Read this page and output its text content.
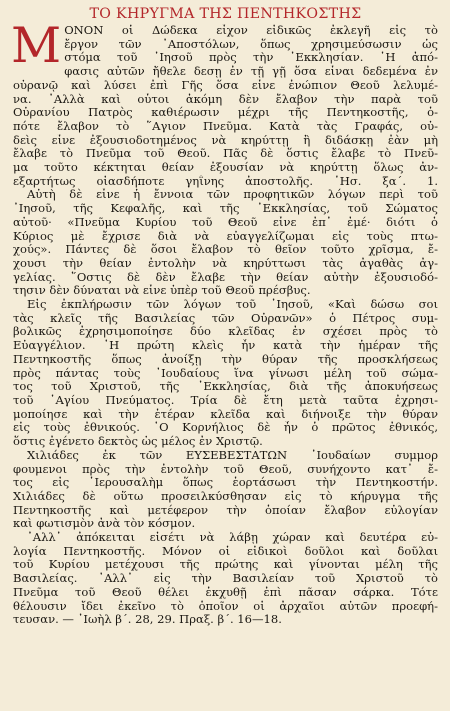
ΤΟ ΚΗΡΥΓΜΑ ΤΗΣ ΠΕΝΤΗΚΟΣΤΗΣ
M ΟΝΟΝ οἱ Δώδεκα εἶχον εἰδικῶς ἐκλεγῆ εἰς τὸ
ἔργον τῶν ᾿Αποστόλων, ὅπως χρησιμεύσωσιν ὡς
στόμα τοῦ ᾿Ιησοῦ πρὸς τὴν ᾿Εκκλησίαν. ῾Η ἀπό-
φασις αὐτῶν ἤθελε δεσῃ ἐν τῇ γῇ ὅσα εἶναι δεδεμένα ἐν
οὐρανῷ καὶ λύσει ἐπὶ Γῆς ὅσα εἶνε ἐνώπιον Θεοῦ λελυμέ-
να. ᾿Αλλὰ καὶ οὗτοι ἀκόμη δὲν ἔλαβον τὴν παρὰ τοῦ
Οὐρανίου Πατρὸς καθιέρωσιν μέχρι τῆς Πεντηκοστῆς, ὁ-
πότε ἔλαβον τὸ ῞Αγιον Πνεῦμα. Κατὰ τὰς Γραφάς, οὐ-
δεὶς εἶνε ἐξουσιοδοτημένος νὰ κηρύττῃ ἢ διδάσκῃ ἐὰν μὴ
ἔλαβε τὸ Πνεῦμα τοῦ Θεοῦ. Πᾶς δὲ ὅστις ἔλαβε τὸ Πνεῦ-
μα τοῦτο κέκτηται θείαν ἐξουσίαν νὰ κηρύττῃ ὅλως ἀν-
εξαρτήτως οἱασδήποτε γηΐνης ἀποστολῆς. ῾Ησ. ξα΄. 1.
Αὐτὴ δὲ εἶνε ἡ ἔννοια τῶν προφητικῶν λόγων περὶ τοῦ
᾿Ιησοῦ, τῆς Κεφαλῆς, καὶ τῆς ᾿Εκκλησίας, τοῦ Σώματος
αὐτοῦ· «Πνεῦμα Κυρίου τοῦ Θεοῦ εἶνε ἐπ᾿ ἐμέ· διότι ὁ
Κύριος μὲ ἔχρισε διὰ νὰ εὐαγγελίζωμαι εἰς τοὺς πτω-
χούς». Πάντες δὲ ὅσοι ἔλαβον τὸ θεῖον τοῦτο χρῖσμα, ἔ-
χουσι τὴν θείαν ἐντολὴν νὰ κηρύττωσι τὰς ἀγαθὰς ἀγ-
γελίας. ῞Οστις δὲ δὲν ἔλαβε τὴν θείαν αὐτὴν ἐξουσιοδό-
τησιν δὲν δύναται νὰ εἶνε ὑπὲρ τοῦ Θεοῦ πρέσβυς.
Εἰς ἐκπλήρωσιν τῶν λόγων τοῦ ᾿Ιησοῦ, «Καὶ δώσω σοι
τὰς κλεῖς τῆς Βασιλείας τῶν Οὐρανῶν» ὁ Πέτρος συμ-
βολικῶς ἐχρησιμοποίησε δύο κλεῖδας ἐν σχέσει πρὸς τὸ
Εὐαγγέλιον. ῾Η πρώτη κλεὶς ἦν κατὰ τὴν ἡμέραν τῆς
Πεντηκοστῆς ὅπως ἀνοίξῃ τὴν θύραν τῆς προσκλήσεως
πρὸς πάντας τοὺς ᾿Ιουδαίους ἵνα γίνωσι μέλη τοῦ σώμα-
τος τοῦ Χριστοῦ, τῆς ᾿Εκκλησίας, διὰ τῆς ἀποκυήσεως
τοῦ ῾Αγίου Πνεύματος. Τρία δὲ ἔτη μετὰ ταῦτα ἐχρησι-
μοποίησε καὶ τὴν ἑτέραν κλεῖδα καὶ διήνοιξε τὴν θύραν
εἰς τοὺς ἐθνικούς. ῾Ο Κορνήλιος δὲ ἦν ὁ πρῶτος ἐθνικός,
ὅστις ἐγένετο δεκτὸς ὡς μέλος ἐν Χριστῷ.
Χιλιάδες ἐκ τῶν ΕΥΣΕΒΕΣΤΑΤΩΝ ᾿Ιουδαίων συμμορ
φουμενοι πρὸς τὴν ἐντολὴν τοῦ Θεοῦ, συνήχοντο κατ᾿ ἔ-
τος εἰς ῾Ιερουσαλὴμ ὅπως ἑορτάσωσι τὴν Πεντηκοστήν.
Χιλιάδες δὲ οὕτω προσειλκύσθησαν εἰς τὸ κήρυγμα τῆς
Πεντηκοστῆς καὶ μετέφερον τὴν ὁποίαν ἔλαβον εὐλογίαν
καὶ φωτισμὸν ἀνὰ τὸν κόσμον.
᾿Αλλ᾿ ἀπόκειται εἰσέτι νὰ λάβῃ χώραν καὶ δευτέρα εὐ-
λογία Πεντηκοστῆς. Μόνον οἱ εἰδικοὶ δοῦλοι καὶ δοῦλαι
τοῦ Κυρίου μετέχουσι τῆς πρώτης καὶ γίνονται μέλη τῆς
Βασιλείας. ᾿Αλλ᾿ εἰς τὴν Βασιλείαν τοῦ Χριστοῦ τὸ
Πνεῦμα τοῦ Θεοῦ θέλει ἐκχυθῇ ἐπὶ πᾶσαν σάρκα. Τότε
θέλουσιν ἴδει ἐκεῖνο τὸ ὁποῖον οἱ ἀρχαῖοι αὐτῶν προεφή-
τευσαν. — ᾿Ιωὴλ β΄. 28, 29. Πραξ. β΄. 16—18.
